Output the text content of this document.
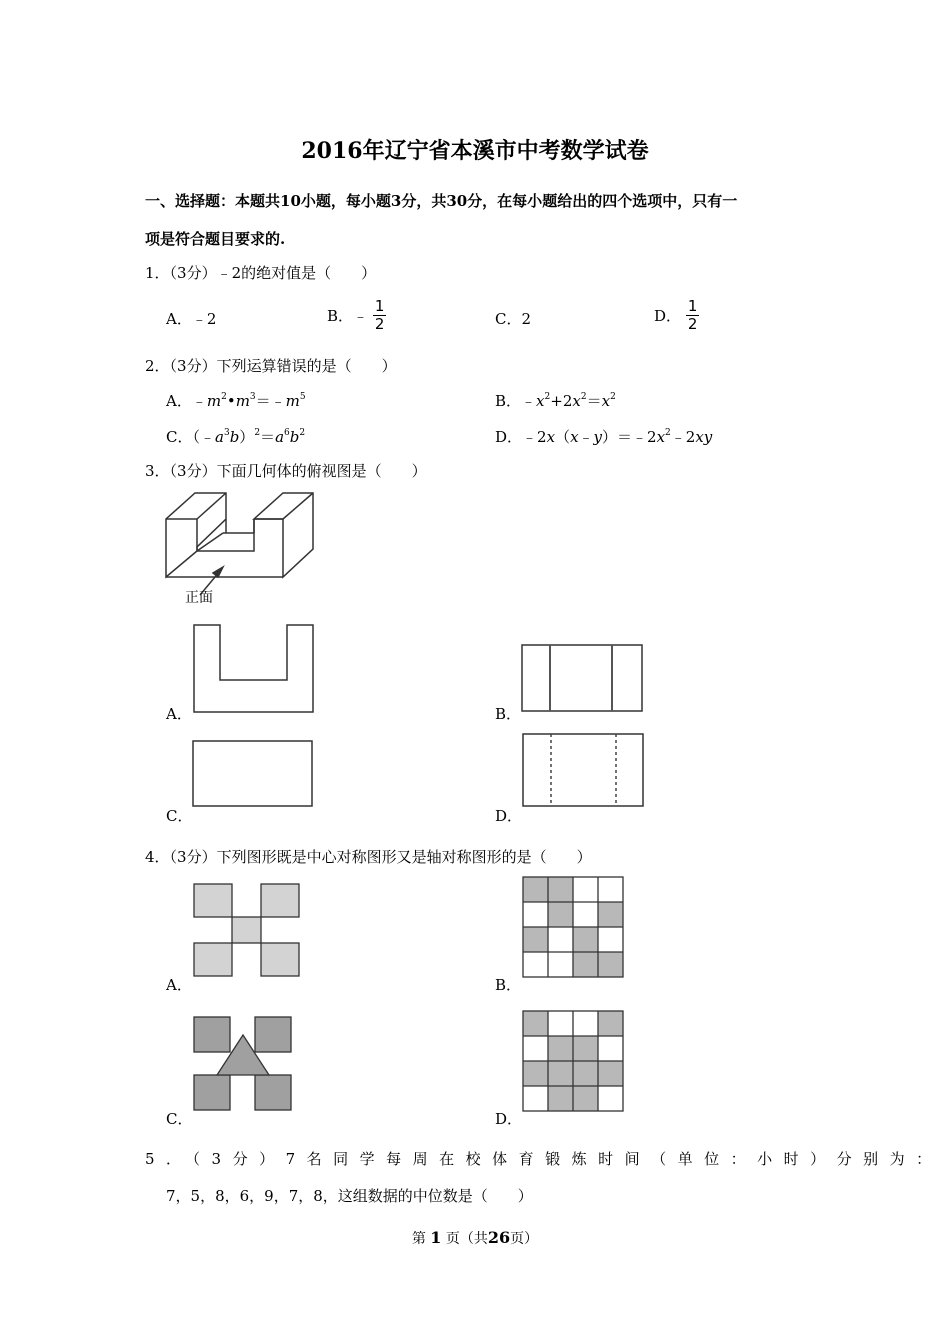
2016年辽宁省本溪市中考数学试卷
一、选择题：本题共10小题，每小题3分，共30分，在每小题给出的四个选项中，只有一
项是符合题目要求的.
1．（3分）﹣2的绝对值是（　　）
A．﹣2	B．﹣ $\frac{1}{2}$	C．2	D． $\frac{1}{2}$
2．（3分）下列运算错误的是（　　）
A．$﹣m^2•m^3=﹣m^5$	B．$﹣x^2+2x^2=x^2$
C．$(﹣a^3b)^2=a^6b^2$	D．$﹣2x(x﹣y)=﹣2x^2﹣2xy$
3．（3分）下面几何体的俯视图是（　　）
正面
A．	B．
C．	D．
4．（3分）下列图形既是中心对称图形又是轴对称图形的是（　　）
A．	B．
C．	D．
5．（3分）7名同学每周在校体育锻炼时间（单位：小时）分别为：
7，5，8，6，9，7，8，这组数据的中位数是（　　）
第 1 页（共26页）
